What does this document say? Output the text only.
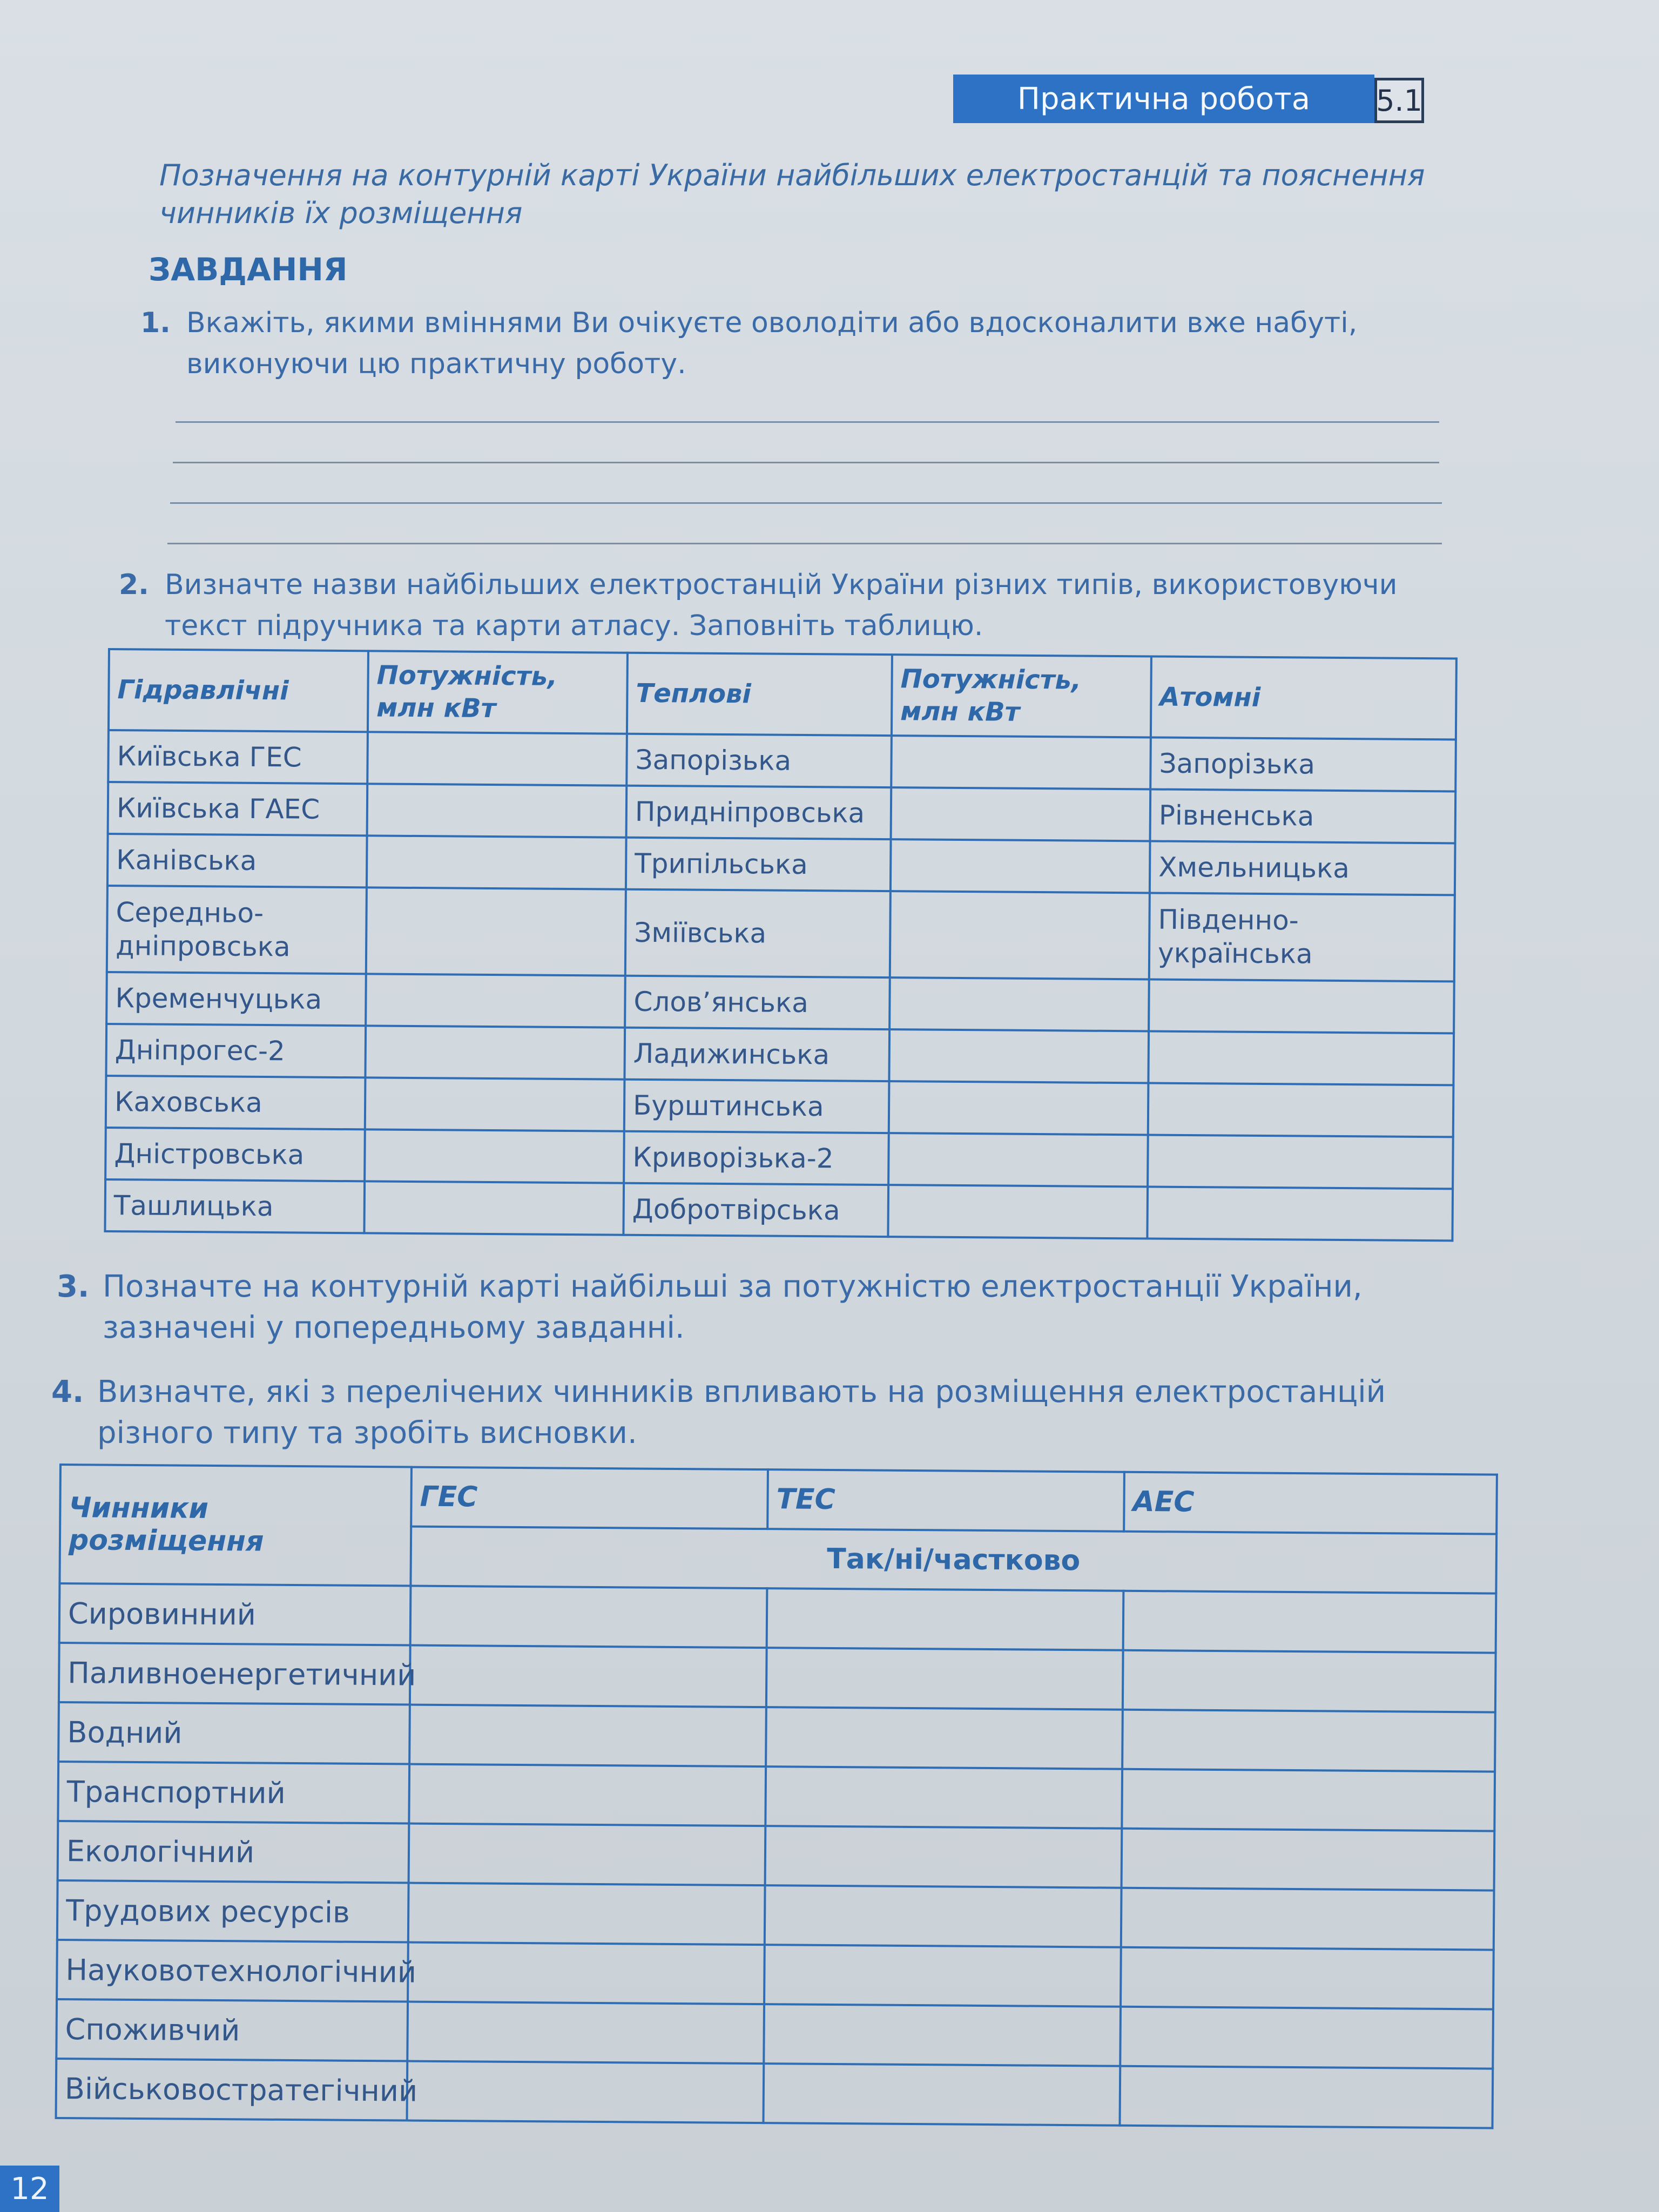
Практична робота 5.1
Позначення на контурній карті України найбільших електростанцій та пояснення чинників їх розміщення
ЗАВДАННЯ
1. Вкажіть, якими вміннями Ви очікуєте оволодіти або вдосконалити вже набуті, виконуючи цю практичну роботу.
2. Визначте назви найбільших електростанцій України різних типів, використовуючи текст підручника та карти атласу. Заповніть таблицю.
Гідравлічні	Потужність, млн кВт	Теплові	Потужність, млн кВт	Атомні
Київська ГЕС		Запорізька		Запорізька
Київська ГАЕС		Придніпровська		Рівненська
Канівська		Трипільська		Хмельницька
Середньо-дніпровська		Зміївська		Південно-українська
Кременчуцька		Слов’янська		
Дніпрогес-2		Ладижинська		
Каховська		Бурштинська		
Дністровська		Криворізька-2		
Ташлицька		Добротвірська		
3. Позначте на контурній карті найбільші за потужністю електростанції України, зазначені у попередньому завданні.
4. Визначте, які з перелічених чинників впливають на розміщення електростанцій різного типу та зробіть висновки.
Чинники розміщення	ГЕС	ТЕС	АЕС
	Так/ні/частково		
Сировинний			
Паливноенергетичний			
Водний			
Транспортний			
Екологічний			
Трудових ресурсів			
Науковотехнологічний			
Споживчий			
Військовостратегічний			
12
